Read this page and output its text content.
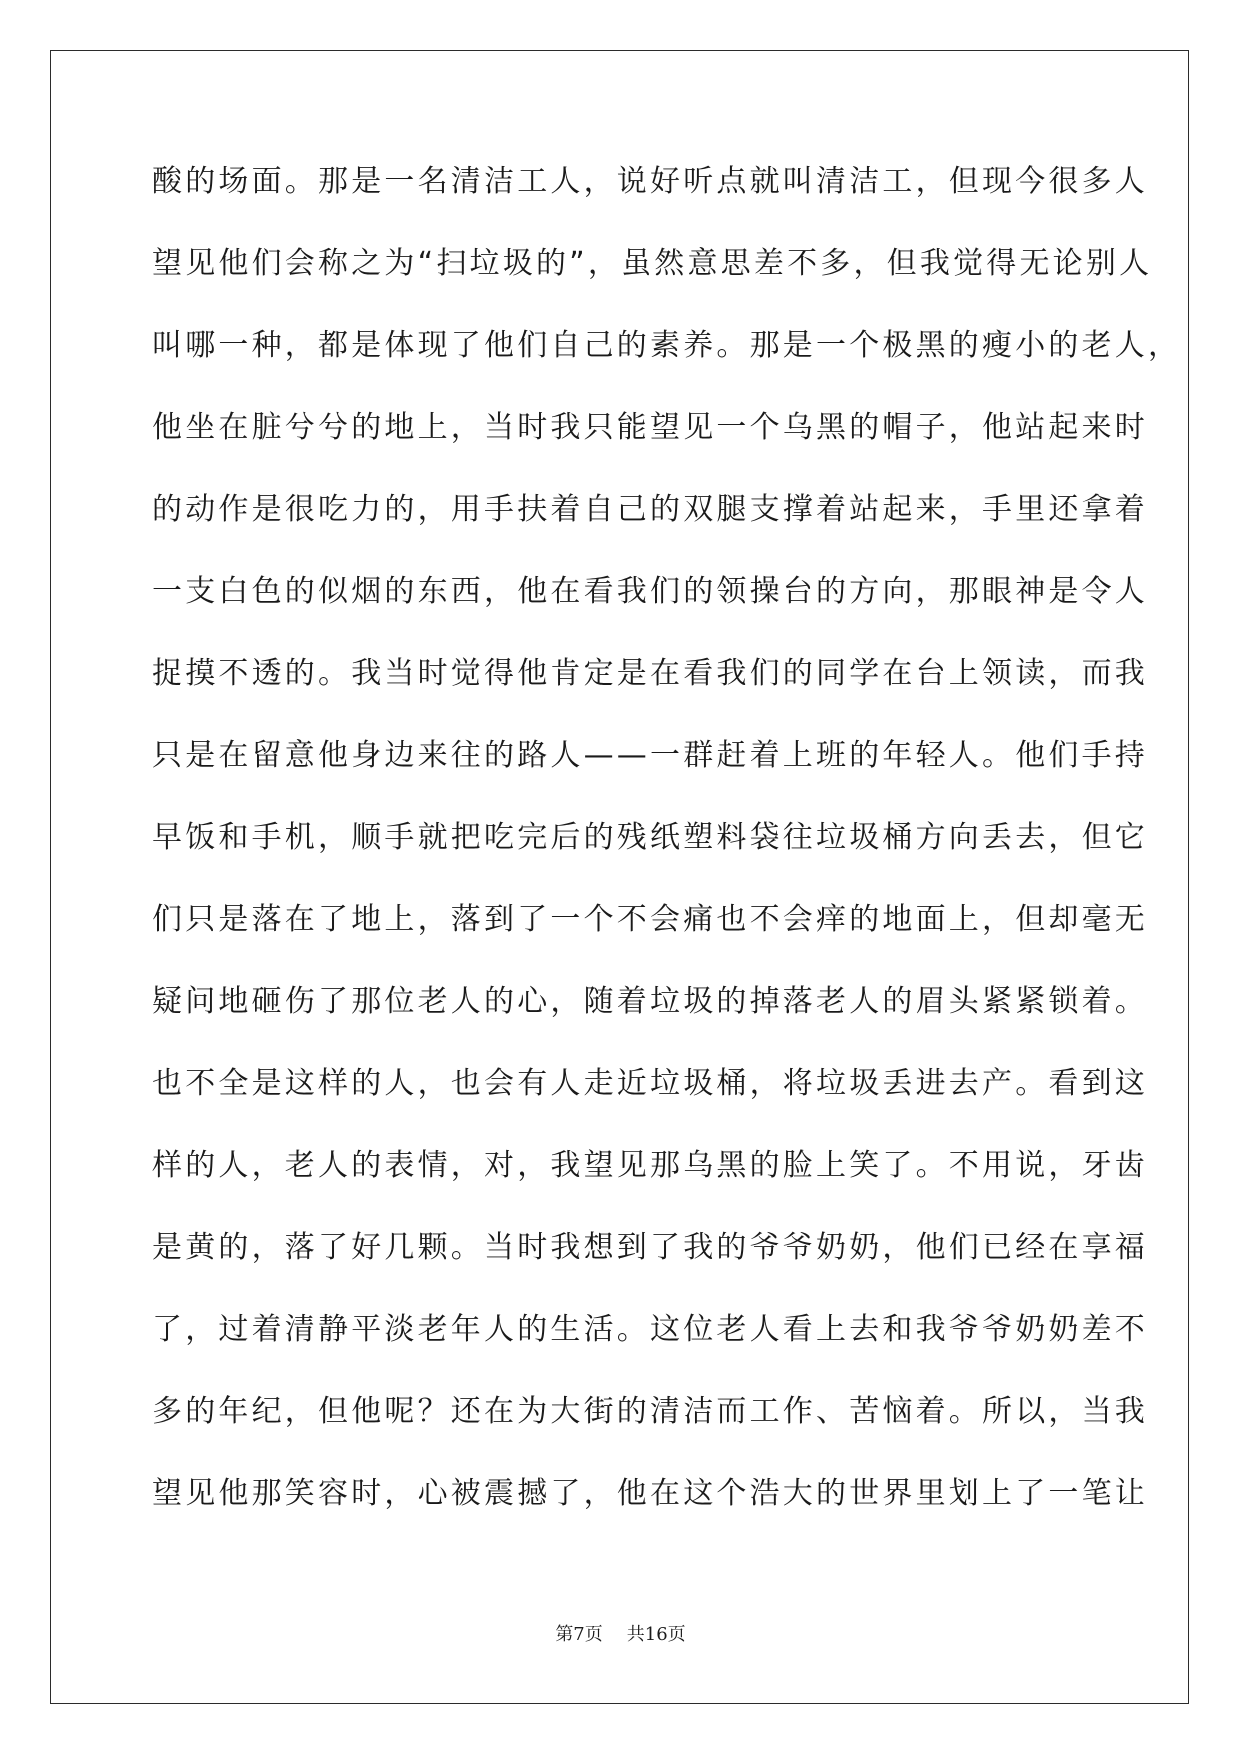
酸的场面。那是一名清洁工人，说好听点就叫清洁工，但现今很多人
望见他们会称之为“扫垃圾的”，虽然意思差不多，但我觉得无论别人
叫哪一种，都是体现了他们自己的素养。那是一个极黑的瘦小的老人，
他坐在脏兮兮的地上，当时我只能望见一个乌黑的帽子，他站起来时
的动作是很吃力的，用手扶着自己的双腿支撑着站起来，手里还拿着
一支白色的似烟的东西，他在看我们的领操台的方向，那眼神是令人
捉摸不透的。我当时觉得他肯定是在看我们的同学在台上领读，而我
只是在留意他身边来往的路人——一群赶着上班的年轻人。他们手持
早饭和手机，顺手就把吃完后的残纸塑料袋往垃圾桶方向丢去，但它
们只是落在了地上，落到了一个不会痛也不会痒的地面上，但却毫无
疑问地砸伤了那位老人的心，随着垃圾的掉落老人的眉头紧紧锁着。
也不全是这样的人，也会有人走近垃圾桶，将垃圾丢进去产。看到这
样的人，老人的表情，对，我望见那乌黑的脸上笑了。不用说，牙齿
是黄的，落了好几颗。当时我想到了我的爷爷奶奶，他们已经在享福
了，过着清静平淡老年人的生活。这位老人看上去和我爷爷奶奶差不
多的年纪，但他呢？还在为大街的清洁而工作、苦恼着。所以，当我
望见他那笑容时，心被震撼了，他在这个浩大的世界里划上了一笔让
第7页 共16页
